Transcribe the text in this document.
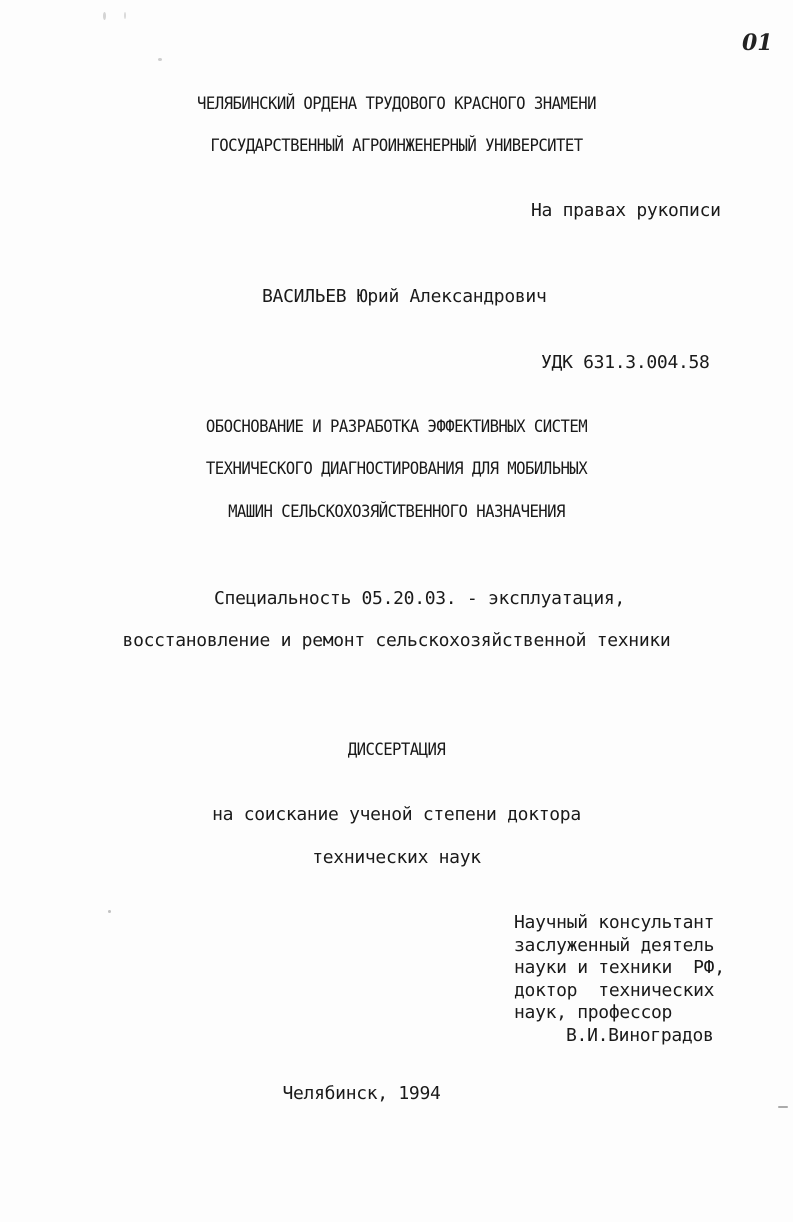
01
ЧЕЛЯБИНСКИЙ ОРДЕНА ТРУДОВОГО КРАСНОГО ЗНАМЕНИ
ГОСУДАРСТВЕННЫЙ АГРОИНЖЕНЕРНЫЙ УНИВЕРСИТЕТ
На правах рукописи
ВАСИЛЬЕВ Юрий Александрович
УДК 631.3.004.58
ОБОСНОВАНИЕ И РАЗРАБОТКА ЭФФЕКТИВНЫХ СИСТЕМ
ТЕХНИЧЕСКОГО ДИАГНОСТИРОВАНИЯ ДЛЯ МОБИЛЬНЫХ
МАШИН СЕЛЬСКОХОЗЯЙСТВЕННОГО НАЗНАЧЕНИЯ
Специальность 05.20.03. - эксплуатация,
восстановление и ремонт сельскохозяйственной техники
ДИССЕРТАЦИЯ
на соискание ученой степени доктора
технических наук
Научный консультант
заслуженный деятель
науки и техники  РФ,
доктор  технических
наук, профессор
В.И.Виноградов
Челябинск, 1994
